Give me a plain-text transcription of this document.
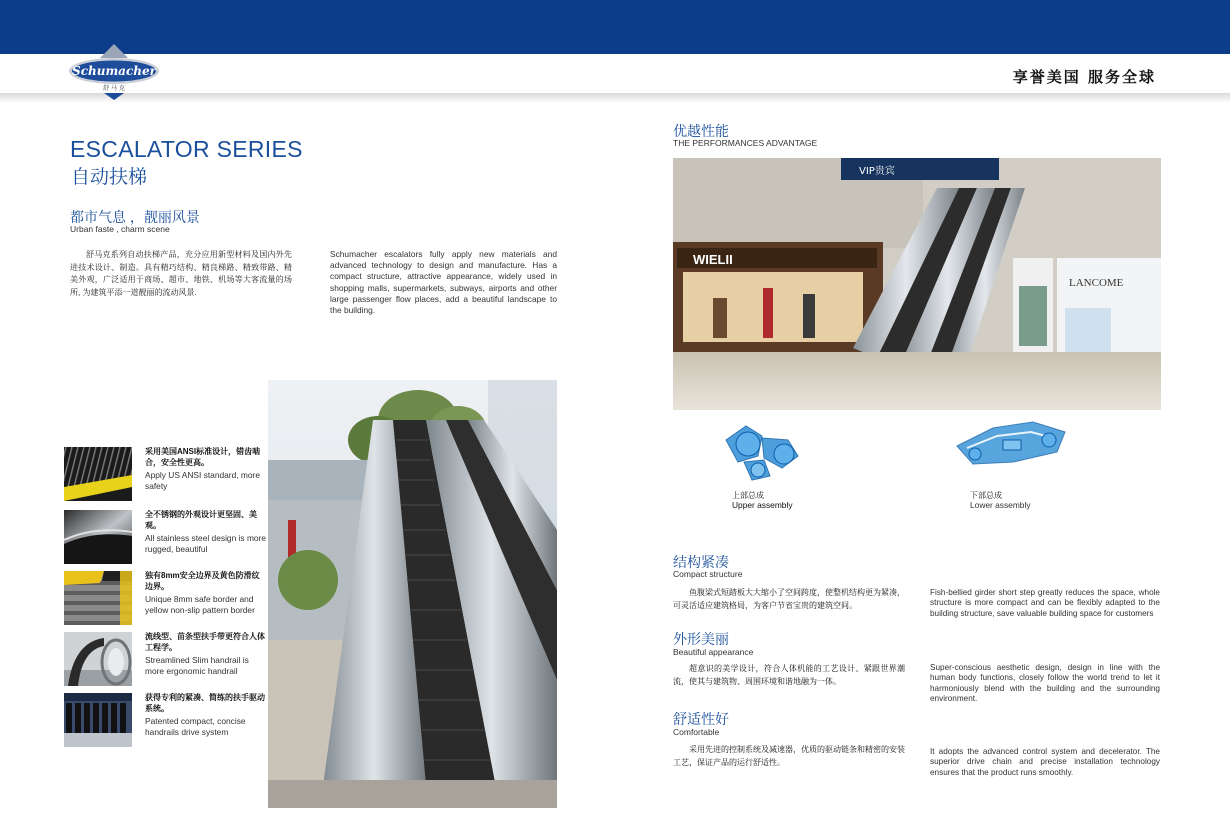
Schumacher
舒 马 克
享誉美国 服务全球
ESCALATOR SERIES
自动扶梯
都市气息 ，靓丽风景
Urban faste , charm scene
舒马克系列自动扶梯产品，充分应用新型材料及国内外先进技术设计、制造。具有精巧结构、精良梯路、精致带路、精美外观，广泛适用于商场、超市、地铁、机场等大客流量的场所, 为建筑平添一道靓丽的流动风景.
Schumacher escalators fully apply new materials and advanced technology to design and manufacture. Has a compact structure, attractive appearance, widely used in shopping malls, supermarkets, subways, airports and other large passenger flow places, add a beautiful landscape to the building.
采用美国ANSI标准设计，错齿啮合，安全性更高。
Apply US ANSI standard, more safety
全不锈钢的外观设计更坚固、美观。
All stainless steel design is more rugged, beautiful
独有8mm安全边界及黄色防滑纹边界。
Unique 8mm safe border and yellow non-slip pattern border
流线型、苗条型扶手带更符合人体工程学。
Streamlined Slim handrail is more ergonomic handrail
获得专利的紧凑、简练的扶手驱动系统。
Patented compact, concise handrails drive system
优越性能
THE PERFORMANCES ADVANTAGE
WIELII
VIP贵宾
LANCOME
上部总成
Upper assembly
下部总成
Lower assembly
结构紧凑
Compact structure
鱼腹梁式短踏板大大缩小了空间跨度，使整机结构更为紧凑，可灵活适应建筑格局，为客户节省宝贵的建筑空间。
Fish-bellied girder short step greatly reduces the space, whole structure is more compact and can be flexibly adapted to the building structure, save valuable building space for customers
外形美丽
Beautiful appearance
超意识的美学设计，符合人体机能的工艺设计、紧跟世界潮流，使其与建筑物、周围环境和谐地融为一体。
Super-conscious aesthetic design, design in line with the human body functions, closely follow the world trend to let it harmoniously blend with the building and the surrounding environment.
舒适性好
Comfortable
采用先进的控制系统及减速器，优质的驱动链条和精密的安装工艺，保证产品的运行舒适性。
It adopts the advanced control system and decelerator. The superior drive chain and precise installation technology ensures that the product runs smoothly.
